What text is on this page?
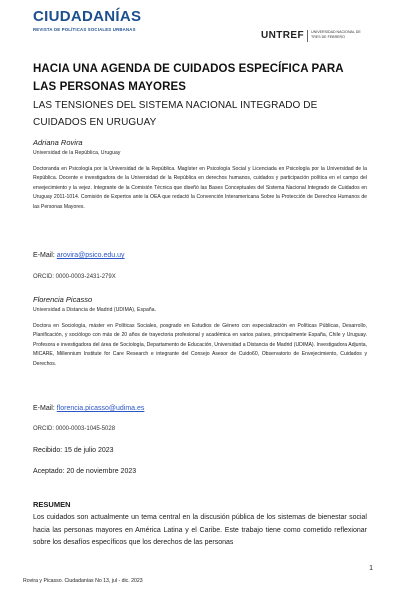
CIUDADANÍAS
REVISTA DE POLÍTICAS SOCIALES URBANAS
UNTREF UNIVERSIDAD NACIONAL DE TRES DE FEBRERO
HACIA UNA AGENDA DE CUIDADOS ESPECÍFICA PARA LAS PERSONAS MAYORES
LAS TENSIONES DEL SISTEMA NACIONAL INTEGRADO DE CUIDADOS EN URUGUAY
Adriana Rovira
Universidad de la República, Uruguay
Doctoranda en Psicología por la Universidad de la República. Magíster en Psicología Social y Licenciada en Psicología por la Universidad de la República. Docente e investigadora de la Universidad de la República en derechos humanos, cuidados y participación política en el campo del envejecimiento y la vejez. Integrante de la Comisión Técnica que diseñó las Bases Conceptuales del Sistema Nacional Integrado de Cuidados en Uruguay 2011-1014. Comisión de Expertos ante la OEA que redactó la Convención Interamericana Sobre la Protección de Derechos Humanos de las Personas Mayores.
E-Mail: arovira@psico.edu.uy
ORCID: 0000-0003-2431-279X
Florencia Picasso
Universidad a Distancia de Madrid (UDIMA), España.
Doctora en Sociología, máster en Políticas Sociales, posgrado en Estudios de Género con especialización en Políticas Públicas, Desarrollo, Planificación, y sociólogo con más de 20 años de trayectoria profesional y académica en varios países, principalmente España, Chile y Uruguay. Profesora e investigadora del área de Sociología, Departamento de Educación, Universidad a Distancia de Madrid (UDIMA). Investigadora Adjunta, MICARE, Millennium Institute for Care Research e integrante del Consejo Asesor de Cuido60, Observatorio de Envejecimiento, Cuidados y Derechos.
E-Mail: florencia.picasso@udima.es
ORCID: 0000-0003-1045-5028
Recibido: 15 de julio 2023
Aceptado: 20 de noviembre 2023
RESUMEN
Los cuidados son actualmente un tema central en la discusión pública de los sistemas de bienestar social hacia las personas mayores en América Latina y el Caribe. Este trabajo tiene como cometido reflexionar sobre los desafíos específicos que los derechos de las personas
1
Rovira y Picasso. Ciudadanías No 13, jul - dic. 2023
